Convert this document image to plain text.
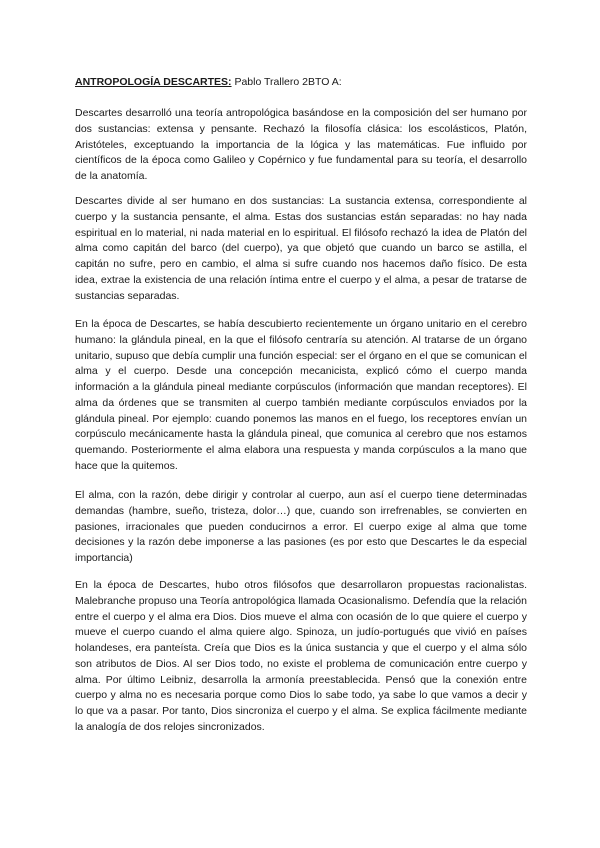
ANTROPOLOGÍA DESCARTES: Pablo Trallero 2BTO A:

Descartes desarrolló una teoría antropológica basándose en la composición del ser humano por dos sustancias: extensa y pensante. Rechazó la filosofía clásica: los escolásticos, Platón, Aristóteles, exceptuando la importancia de la lógica y las matemáticas. Fue influido por científicos de la época como Galileo y Copérnico y fue fundamental para su teoría, el desarrollo de la anatomía.

Descartes divide al ser humano en dos sustancias: La sustancia extensa, correspondiente al cuerpo y la sustancia pensante, el alma. Estas dos sustancias están separadas: no hay nada espiritual en lo material, ni nada material en lo espiritual. El filósofo rechazó la idea de Platón del alma como capitán del barco (del cuerpo), ya que objetó que cuando un barco se astilla, el capitán no sufre, pero en cambio, el alma si sufre cuando nos hacemos daño físico. De esta idea, extrae la existencia de una relación íntima entre el cuerpo y el alma, a pesar de tratarse de sustancias separadas.

En la época de Descartes, se había descubierto recientemente un órgano unitario en el cerebro humano: la glándula pineal, en la que el filósofo centraría su atención. Al tratarse de un órgano unitario, supuso que debía cumplir una función especial: ser el órgano en el que se comunican el alma y el cuerpo. Desde una concepción mecanicista, explicó cómo el cuerpo manda información a la glándula pineal mediante corpúsculos (información que mandan receptores). El alma da órdenes que se transmiten al cuerpo también mediante corpúsculos enviados por la glándula pineal. Por ejemplo: cuando ponemos las manos en el fuego, los receptores envían un corpúsculo mecánicamente hasta la glándula pineal, que comunica al cerebro que nos estamos quemando. Posteriormente el alma elabora una respuesta y manda corpúsculos a la mano que hace que la quitemos.

El alma, con la razón, debe dirigir y controlar al cuerpo, aun así el cuerpo tiene determinadas demandas (hambre, sueño, tristeza, dolor…) que, cuando son irrefrenables, se convierten en pasiones, irracionales que pueden conducirnos a error. El cuerpo exige al alma que tome decisiones y la razón debe imponerse a las pasiones (es por esto que Descartes le da especial importancia)

En la época de Descartes, hubo otros filósofos que desarrollaron propuestas racionalistas. Malebranche propuso una Teoría antropológica llamada Ocasionalismo. Defendía que la relación entre el cuerpo y el alma era Dios. Dios mueve el alma con ocasión de lo que quiere el cuerpo y mueve el cuerpo cuando el alma quiere algo. Spinoza, un judío-portugués que vivió en países holandeses, era panteísta. Creía que Dios es la única sustancia y que el cuerpo y el alma sólo son atributos de Dios. Al ser Dios todo, no existe el problema de comunicación entre cuerpo y alma. Por último Leibniz, desarrolla la armonía preestablecida. Pensó que la conexión entre cuerpo y alma no es necesaria porque como Dios lo sabe todo, ya sabe lo que vamos a decir y lo que va a pasar. Por tanto, Dios sincroniza el cuerpo y el alma. Se explica fácilmente mediante la analogía de dos relojes sincronizados.
